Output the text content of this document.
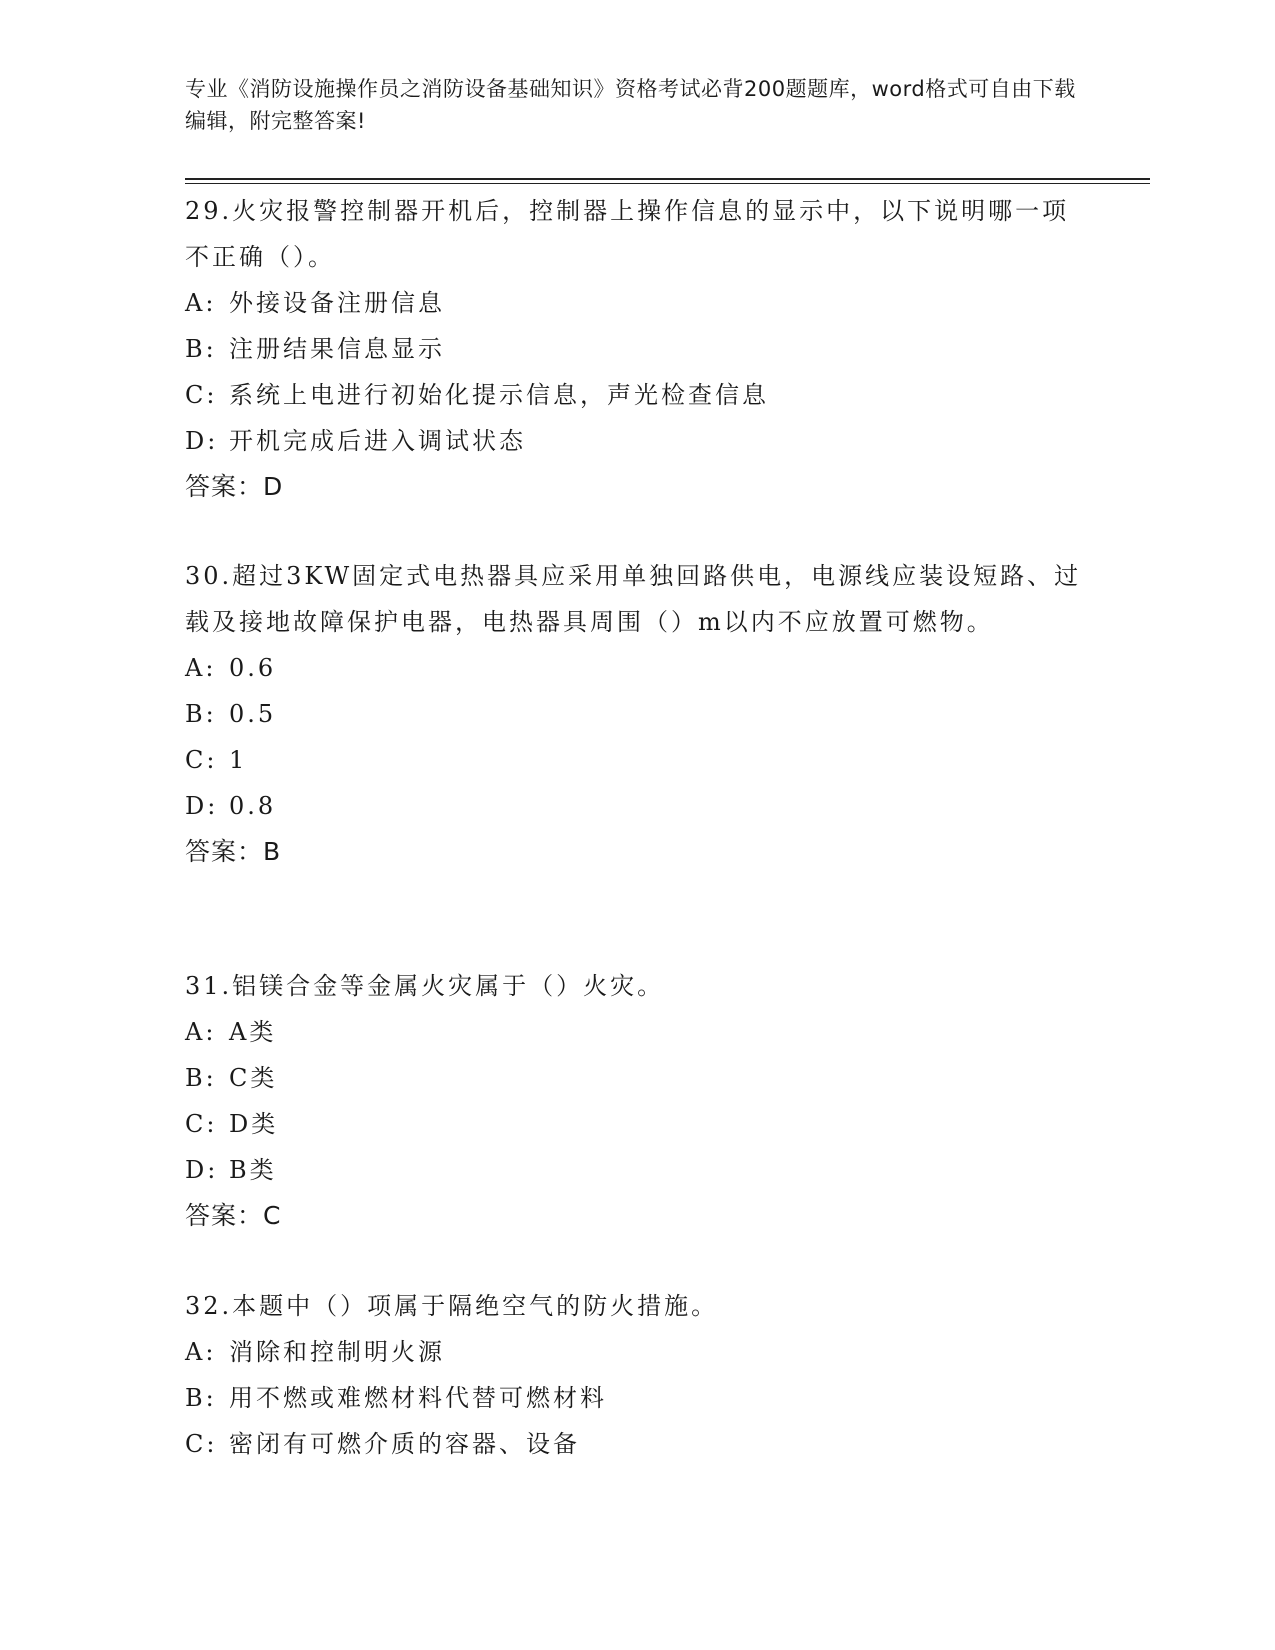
专业《消防设施操作员之消防设备基础知识》资格考试必背200题题库，word格式可自由下载编辑，附完整答案!

29.火灾报警控制器开机后，控制器上操作信息的显示中，以下说明哪一项不正确（）。

A: 外接设备注册信息

B: 注册结果信息显示

C: 系统上电进行初始化提示信息，声光检查信息

D: 开机完成后进入调试状态

答案：D

30.超过3KW固定式电热器具应采用单独回路供电，电源线应装设短路、过载及接地故障保护电器，电热器具周围（）m以内不应放置可燃物。

A: 0.6

B: 0.5

C: 1

D: 0.8

答案：B

31.铝镁合金等金属火灾属于（）火灾。

A: A类

B: C类

C: D类

D: B类

答案：C

32.本题中（）项属于隔绝空气的防火措施。

A: 消除和控制明火源

B: 用不燃或难燃材料代替可燃材料

C: 密闭有可燃介质的容器、设备
